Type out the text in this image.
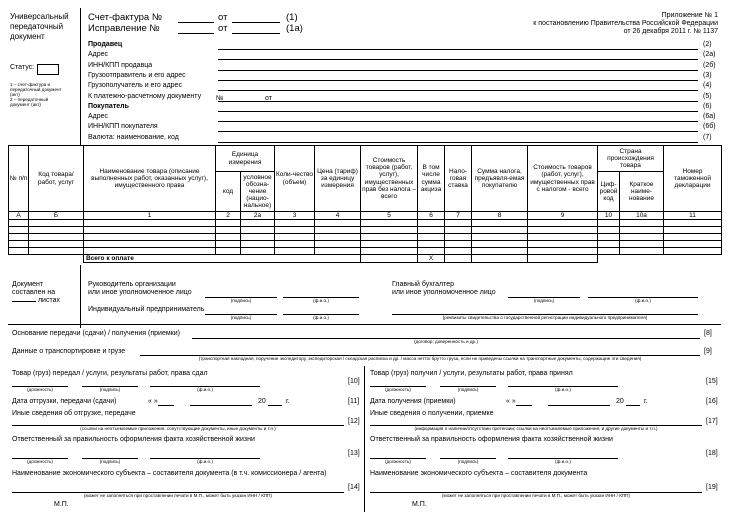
Универсальный
передаточный
документ
Статус:
1 – счет-фактура и
передаточный документ
(акт)
2 – передаточный
документ (акт)
Счет-фактура №	от	(1)
Исправление №	от	(1а)
Приложение № 1
к постановлению Правительства Российской Федерации
от 26 декабря 2011 г. № 1137
Продавец	(2)
Адрес	(2а)
ИНН/КПП продавца	(2б)
Грузоотправитель и его адрес	(3)
Грузополучатель и его адрес	(4)
К платежно-расчетному документу	(5)
Покупатель	(6)
Адрес	(6а)
ИНН/КПП покупателя	(6б)
Валюта: наименование, код	(7)
№	от
№ п/п	Код товара/ работ, услуг	Наименование товара (описание выполненных работ, оказанных услуг), имущественного права	Единица измерения		Коли-чество (объем)	Цена (тариф) за единицу измерения	Стоимость товаров (работ, услуг), имущественных прав без налога – всего	В том числе сумма акциза	Нало-говая ставка	Сумма налога, предъявля-емая покупателю	Стоимость товаров (работ, услуг), имущественных прав с налогом - всего	Страна происхождения товара		Номер таможенной декларации
			код	условное обозна-чение (нацио-нальное)								Циф-ровой код	Краткое наиме-нование	
А	Б	1	2	2а	3	4	5	6	7	8	9	10	10а	11

		Всего к оплате						X						
Документ
составлен на
листах
Руководитель организации
или иное уполномоченное лицо
(подпись)	(ф.и.о.)
Главный бухгалтер
или иное уполномоченное лицо
(подпись)	(ф.и.о.)
Индивидуальный предприниматель
(подпись)	(ф.и.о.)	(реквизиты свидетельства о государственной регистрации индивидуального предпринимателя)
Основание передачи (сдачи) / получения (приемки)
(договор; доверенность и др.)
[8]
Данные о транспортировке и грузе
(транспортная накладная, поручение экспедитору, экспедиторская / складская расписка и др. / масса нетто/ брутто груза, если не приведены ссылки на транспортные документы, содержащие эти сведения)
[9]
Товар (груз) передал / услуги, результаты работ, права сдал
(должность)	(подпись)	(ф.и.о.)
[10]
Дата отгрузки, передачи (сдачи)	« »	20	г.	[11]
Иные сведения об отгрузке, передаче
(ссылки на неотъемлемые приложения, сопутствующие документы, иные документы и т.п.)
[12]
Ответственный за правильность оформления факта хозяйственной жизни
(должность)	(подпись)	(ф.и.о.)
[13]
Наименование экономического субъекта – составителя документа (в т.ч. комиссионера / агента)
(может не заполняться при проставлении печати в М.П., может быть указан ИНН / КПП)
[14]
М.П.
Товар (груз) получил / услуги, результаты работ, права принял
(должность)	(подпись)	(ф.и.о.)
[15]
Дата получения (приемки)	« »	20	г.	[16]
Иные сведения о получении, приемке
(информация о наличии/отсутствии претензии; ссылки на неотъемлемые приложения, и другие документы и т.п.)
[17]
Ответственный за правильность оформления факта хозяйственной жизни
(должность)	(подпись)	(ф.и.о.)
[18]
Наименование экономического субъекта – составителя документа
(может не заполняться при проставлении печати в М.П., может быть указан ИНН / КПП)
[19]
М.П.
